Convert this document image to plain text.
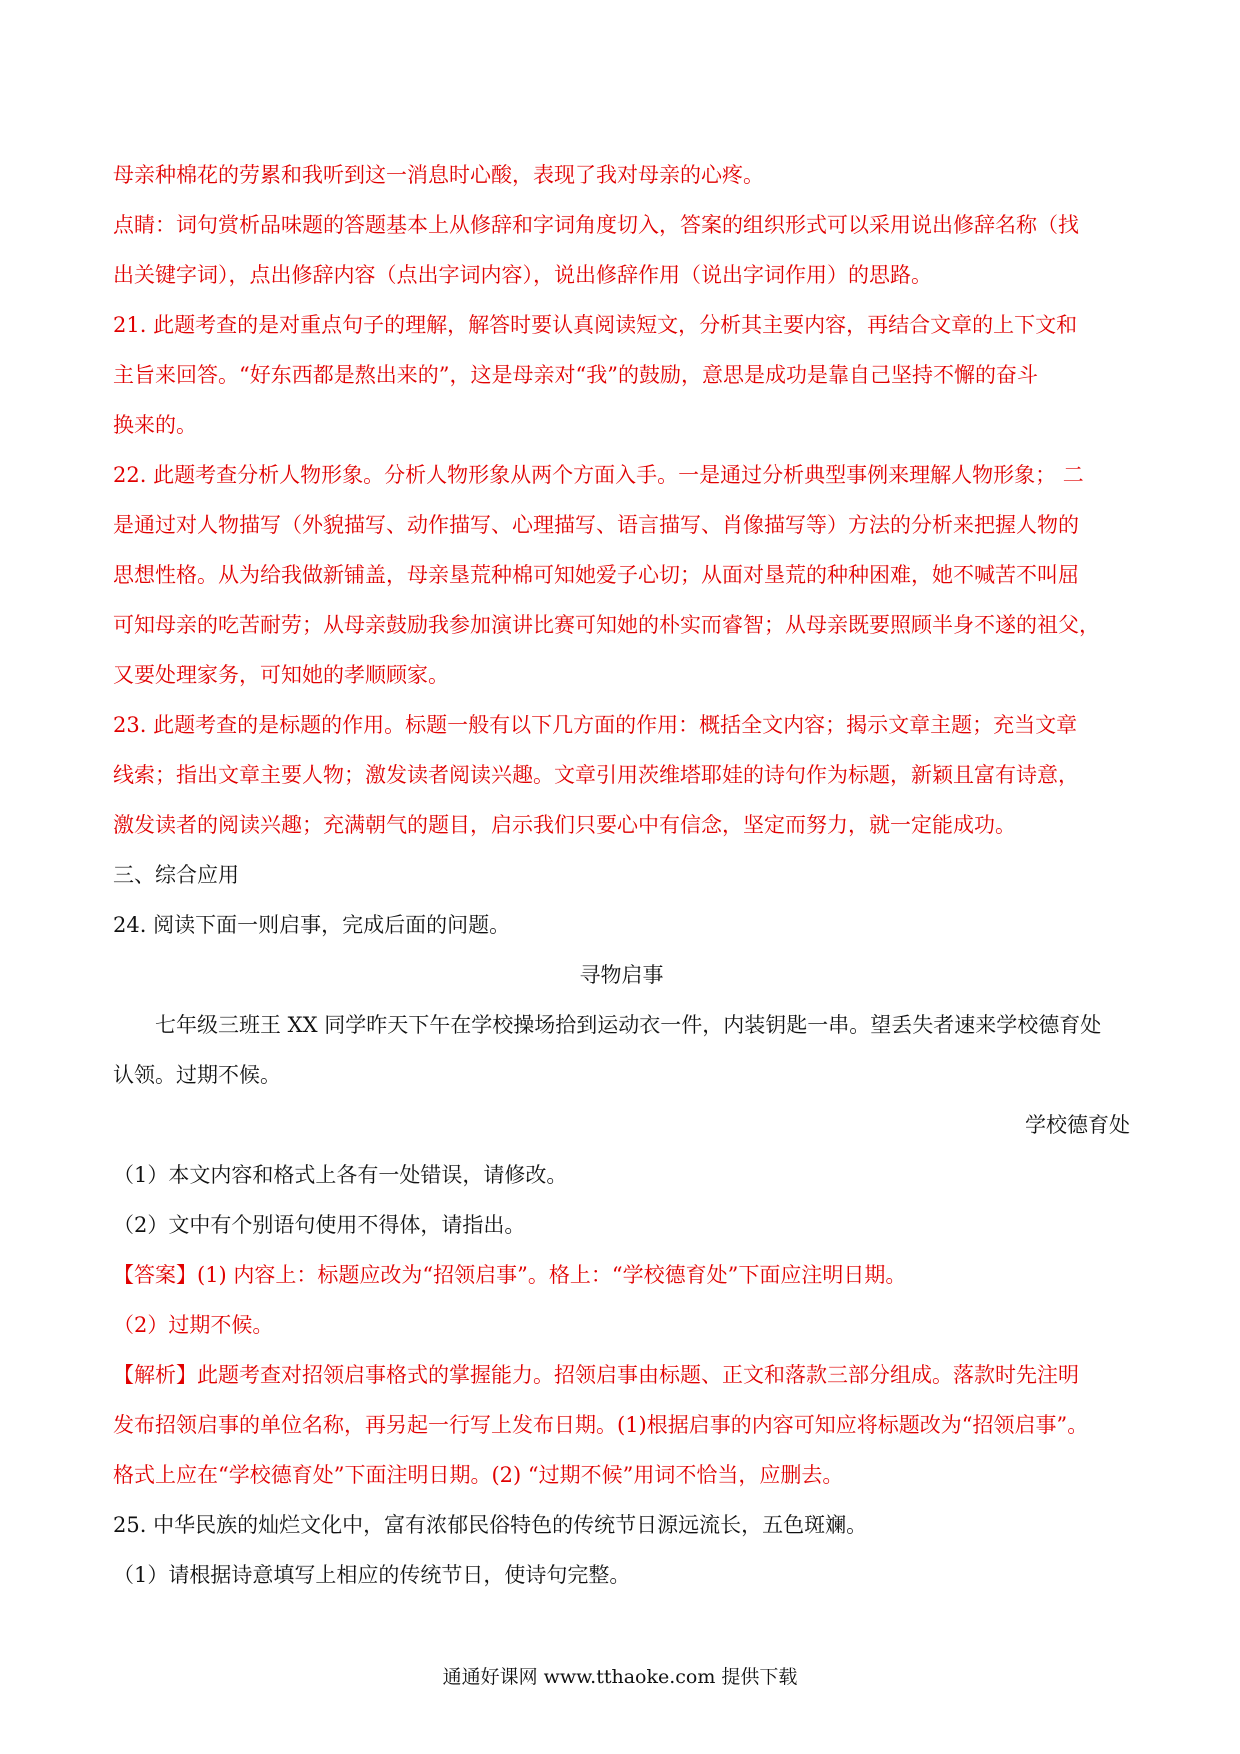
母亲种棉花的劳累和我听到这一消息时心酸，表现了我对母亲的心疼。
点睛：词句赏析品味题的答题基本上从修辞和字词角度切入，答案的组织形式可以采用说出修辞名称（找
出关键字词），点出修辞内容（点出字词内容），说出修辞作用（说出字词作用）的思路。
21. 此题考查的是对重点句子的理解，解答时要认真阅读短文，分析其主要内容，再结合文章的上下文和
主旨来回答。“好东西都是熬出来的”，这是母亲对“我”的鼓励，意思是成功是靠自己坚持不懈的奋斗
换来的。
22. 此题考查分析人物形象。分析人物形象从两个方面入手。一是通过分析典型事例来理解人物形象； 二
是通过对人物描写（外貌描写、动作描写、心理描写、语言描写、肖像描写等）方法的分析来把握人物的
思想性格。从为给我做新铺盖，母亲垦荒种棉可知她爱子心切；从面对垦荒的种种困难，她不喊苦不叫屈
可知母亲的吃苦耐劳；从母亲鼓励我参加演讲比赛可知她的朴实而睿智；从母亲既要照顾半身不遂的祖父，
又要处理家务，可知她的孝顺顾家。
23. 此题考查的是标题的作用。标题一般有以下几方面的作用：概括全文内容；揭示文章主题；充当文章
线索；指出文章主要人物；激发读者阅读兴趣。文章引用茨维塔耶娃的诗句作为标题，新颖且富有诗意，
激发读者的阅读兴趣；充满朝气的题目，启示我们只要心中有信念，坚定而努力，就一定能成功。
三、综合应用
24. 阅读下面一则启事，完成后面的问题。
寻物启事
七年级三班王 XX 同学昨天下午在学校操场拾到运动衣一件，内装钥匙一串。望丢失者速来学校德育处
认领。过期不候。
学校德育处
（1）本文内容和格式上各有一处错误，请修改。
（2）文中有个别语句使用不得体，请指出。
【答案】(1) 内容上：标题应改为“招领启事”。格上：“学校德育处”下面应注明日期。
（2）过期不候。
【解析】此题考查对招领启事格式的掌握能力。招领启事由标题、正文和落款三部分组成。落款时先注明
发布招领启事的单位名称，再另起一行写上发布日期。(1)根据启事的内容可知应将标题改为“招领启事”。
格式上应在“学校德育处”下面注明日期。(2) “过期不候”用词不恰当，应删去。
25. 中华民族的灿烂文化中，富有浓郁民俗特色的传统节日源远流长，五色斑斓。
（1）请根据诗意填写上相应的传统节日，使诗句完整。
通通好课网 www.tthaoke.com 提供下载
